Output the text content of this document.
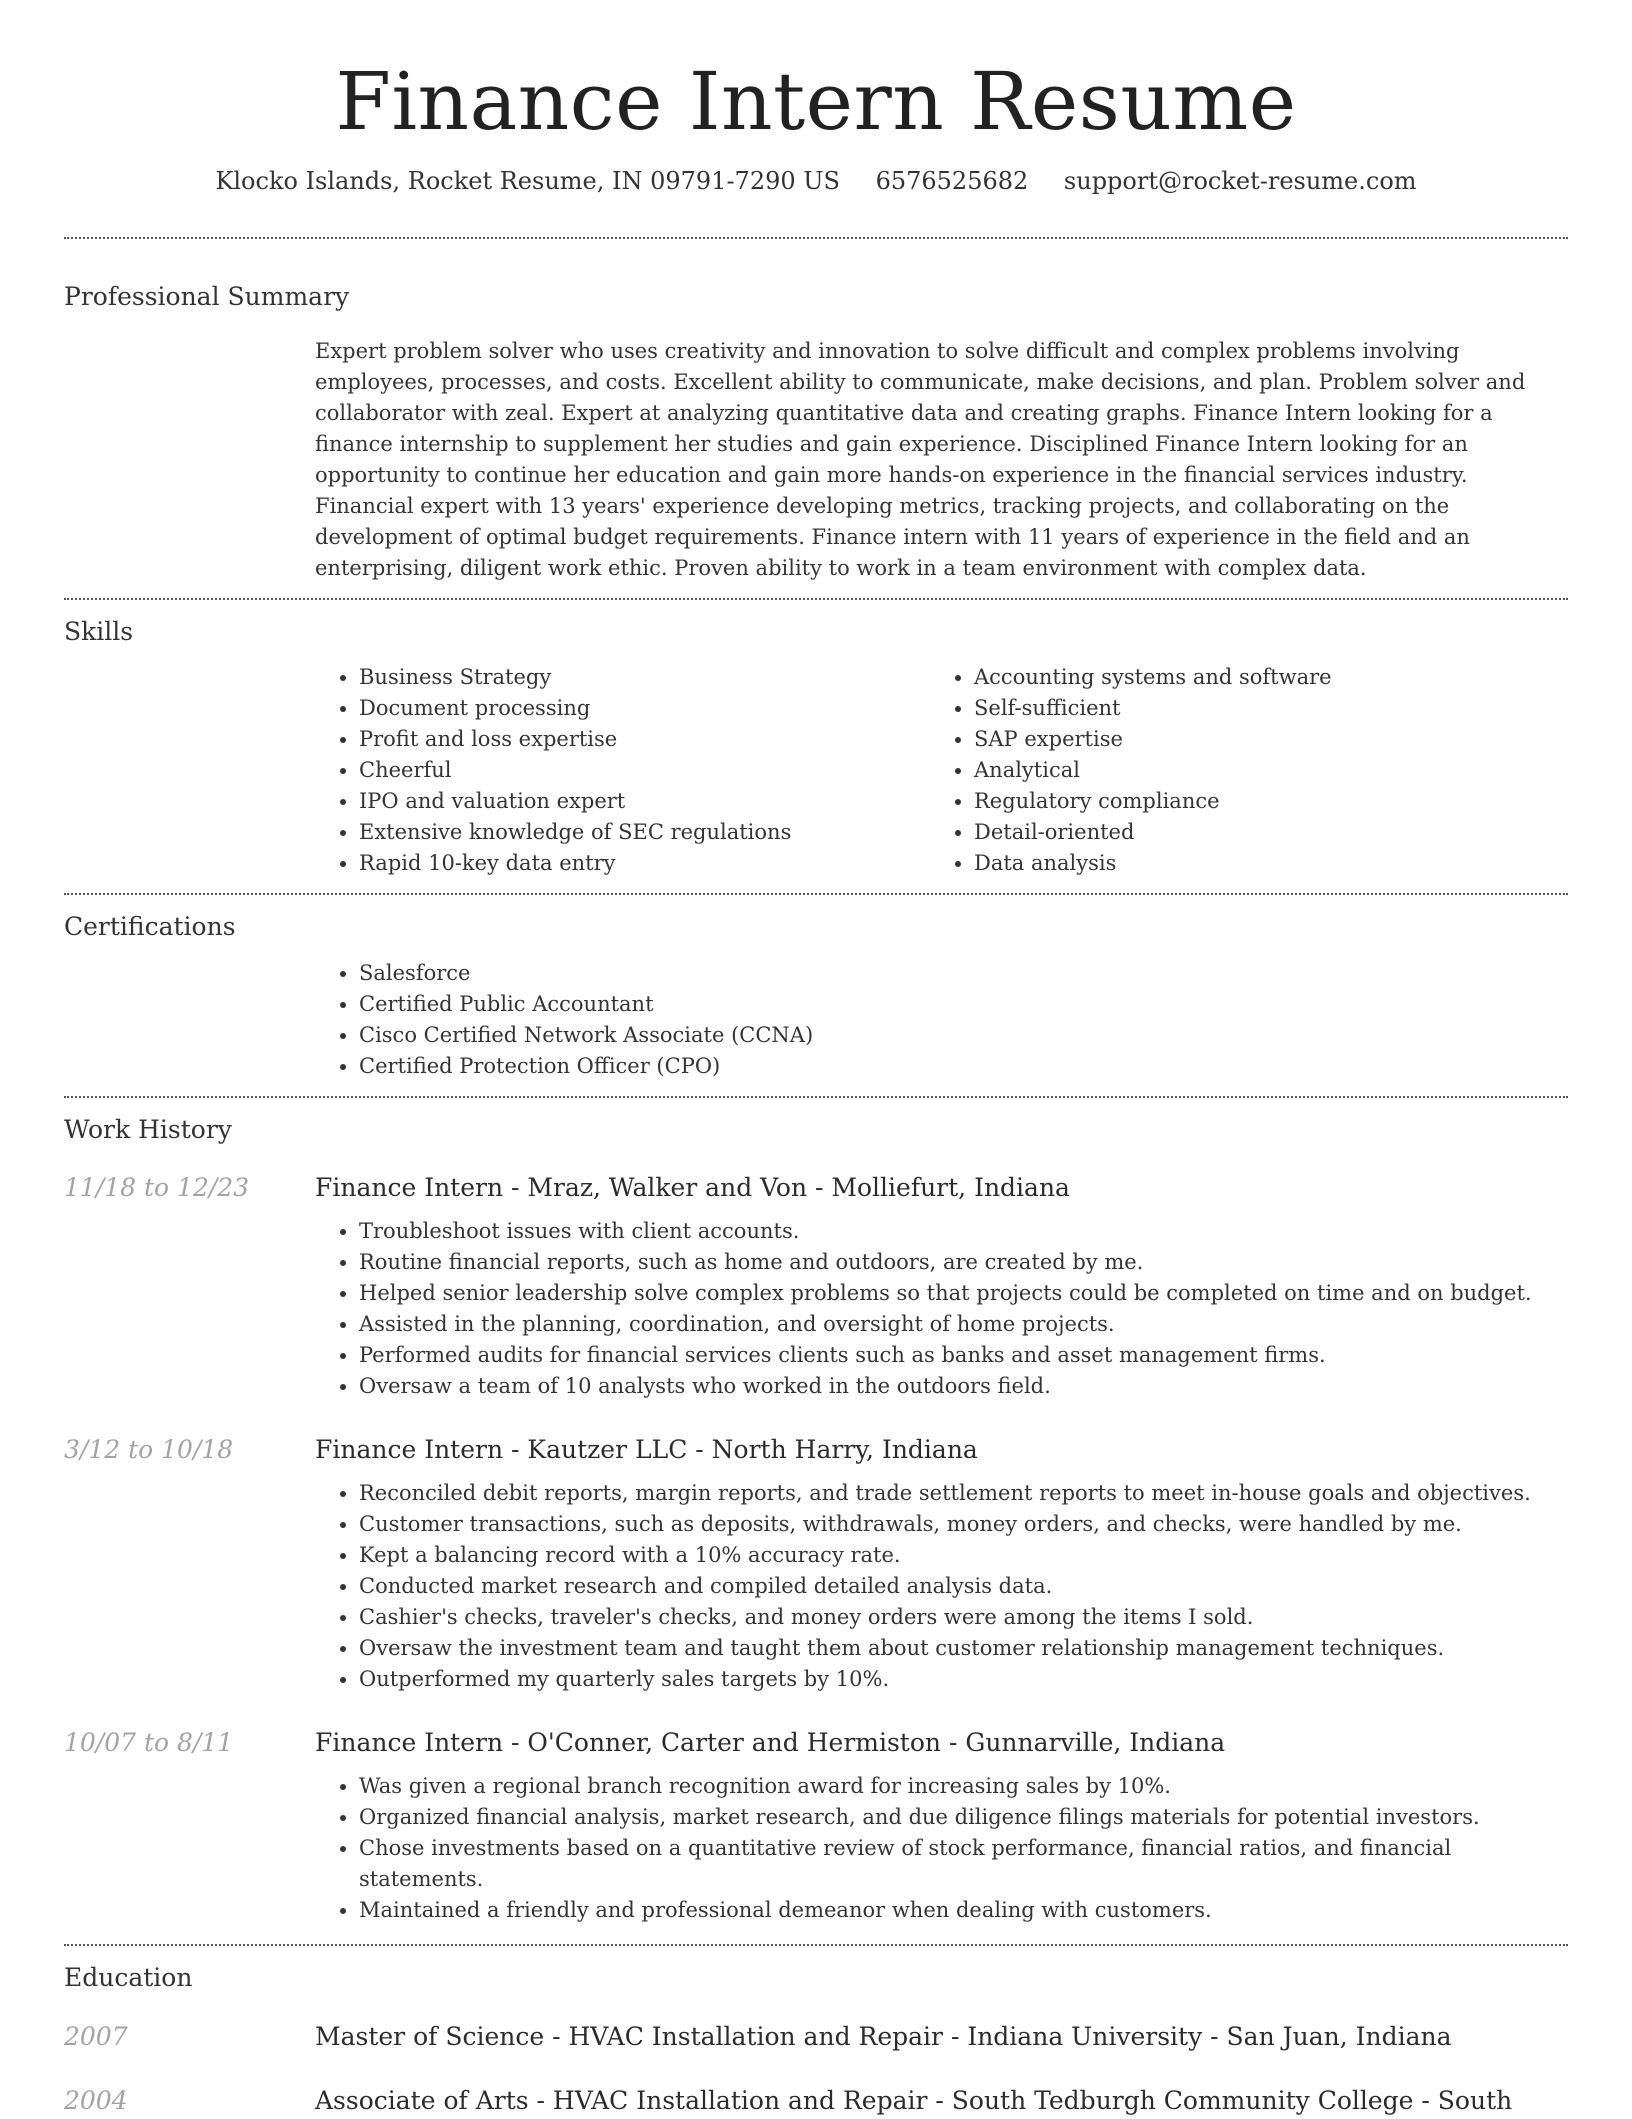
Finance Intern Resume
Klocko Islands, Rocket Resume, IN 09791-7290 US 6576525682 support@rocket-resume.com
Professional Summary
Expert problem solver who uses creativity and innovation to solve difficult and complex problems involving employees, processes, and costs. Excellent ability to communicate, make decisions, and plan. Problem solver and collaborator with zeal. Expert at analyzing quantitative data and creating graphs. Finance Intern looking for a finance internship to supplement her studies and gain experience. Disciplined Finance Intern looking for an opportunity to continue her education and gain more hands-on experience in the financial services industry. Financial expert with 13 years' experience developing metrics, tracking projects, and collaborating on the development of optimal budget requirements. Finance intern with 11 years of experience in the field and an enterprising, diligent work ethic. Proven ability to work in a team environment with complex data.
Skills
• Business Strategy
• Document processing
• Profit and loss expertise
• Cheerful
• IPO and valuation expert
• Extensive knowledge of SEC regulations
• Rapid 10-key data entry
• Accounting systems and software
• Self-sufficient
• SAP expertise
• Analytical
• Regulatory compliance
• Detail-oriented
• Data analysis
Certifications
• Salesforce
• Certified Public Accountant
• Cisco Certified Network Associate (CCNA)
• Certified Protection Officer (CPO)
Work History
11/18 to 12/23	Finance Intern - Mraz, Walker and Von - Molliefurt, Indiana
• Troubleshoot issues with client accounts.
• Routine financial reports, such as home and outdoors, are created by me.
• Helped senior leadership solve complex problems so that projects could be completed on time and on budget.
• Assisted in the planning, coordination, and oversight of home projects.
• Performed audits for financial services clients such as banks and asset management firms.
• Oversaw a team of 10 analysts who worked in the outdoors field.
3/12 to 10/18	Finance Intern - Kautzer LLC - North Harry, Indiana
• Reconciled debit reports, margin reports, and trade settlement reports to meet in-house goals and objectives.
• Customer transactions, such as deposits, withdrawals, money orders, and checks, were handled by me.
• Kept a balancing record with a 10% accuracy rate.
• Conducted market research and compiled detailed analysis data.
• Cashier's checks, traveler's checks, and money orders were among the items I sold.
• Oversaw the investment team and taught them about customer relationship management techniques.
• Outperformed my quarterly sales targets by 10%.
10/07 to 8/11	Finance Intern - O'Conner, Carter and Hermiston - Gunnarville, Indiana
• Was given a regional branch recognition award for increasing sales by 10%.
• Organized financial analysis, market research, and due diligence filings materials for potential investors.
• Chose investments based on a quantitative review of stock performance, financial ratios, and financial statements.
• Maintained a friendly and professional demeanor when dealing with customers.
Education
2007	Master of Science - HVAC Installation and Repair - Indiana University - San Juan, Indiana
2004	Associate of Arts - HVAC Installation and Repair - South Tedburgh Community College - South
